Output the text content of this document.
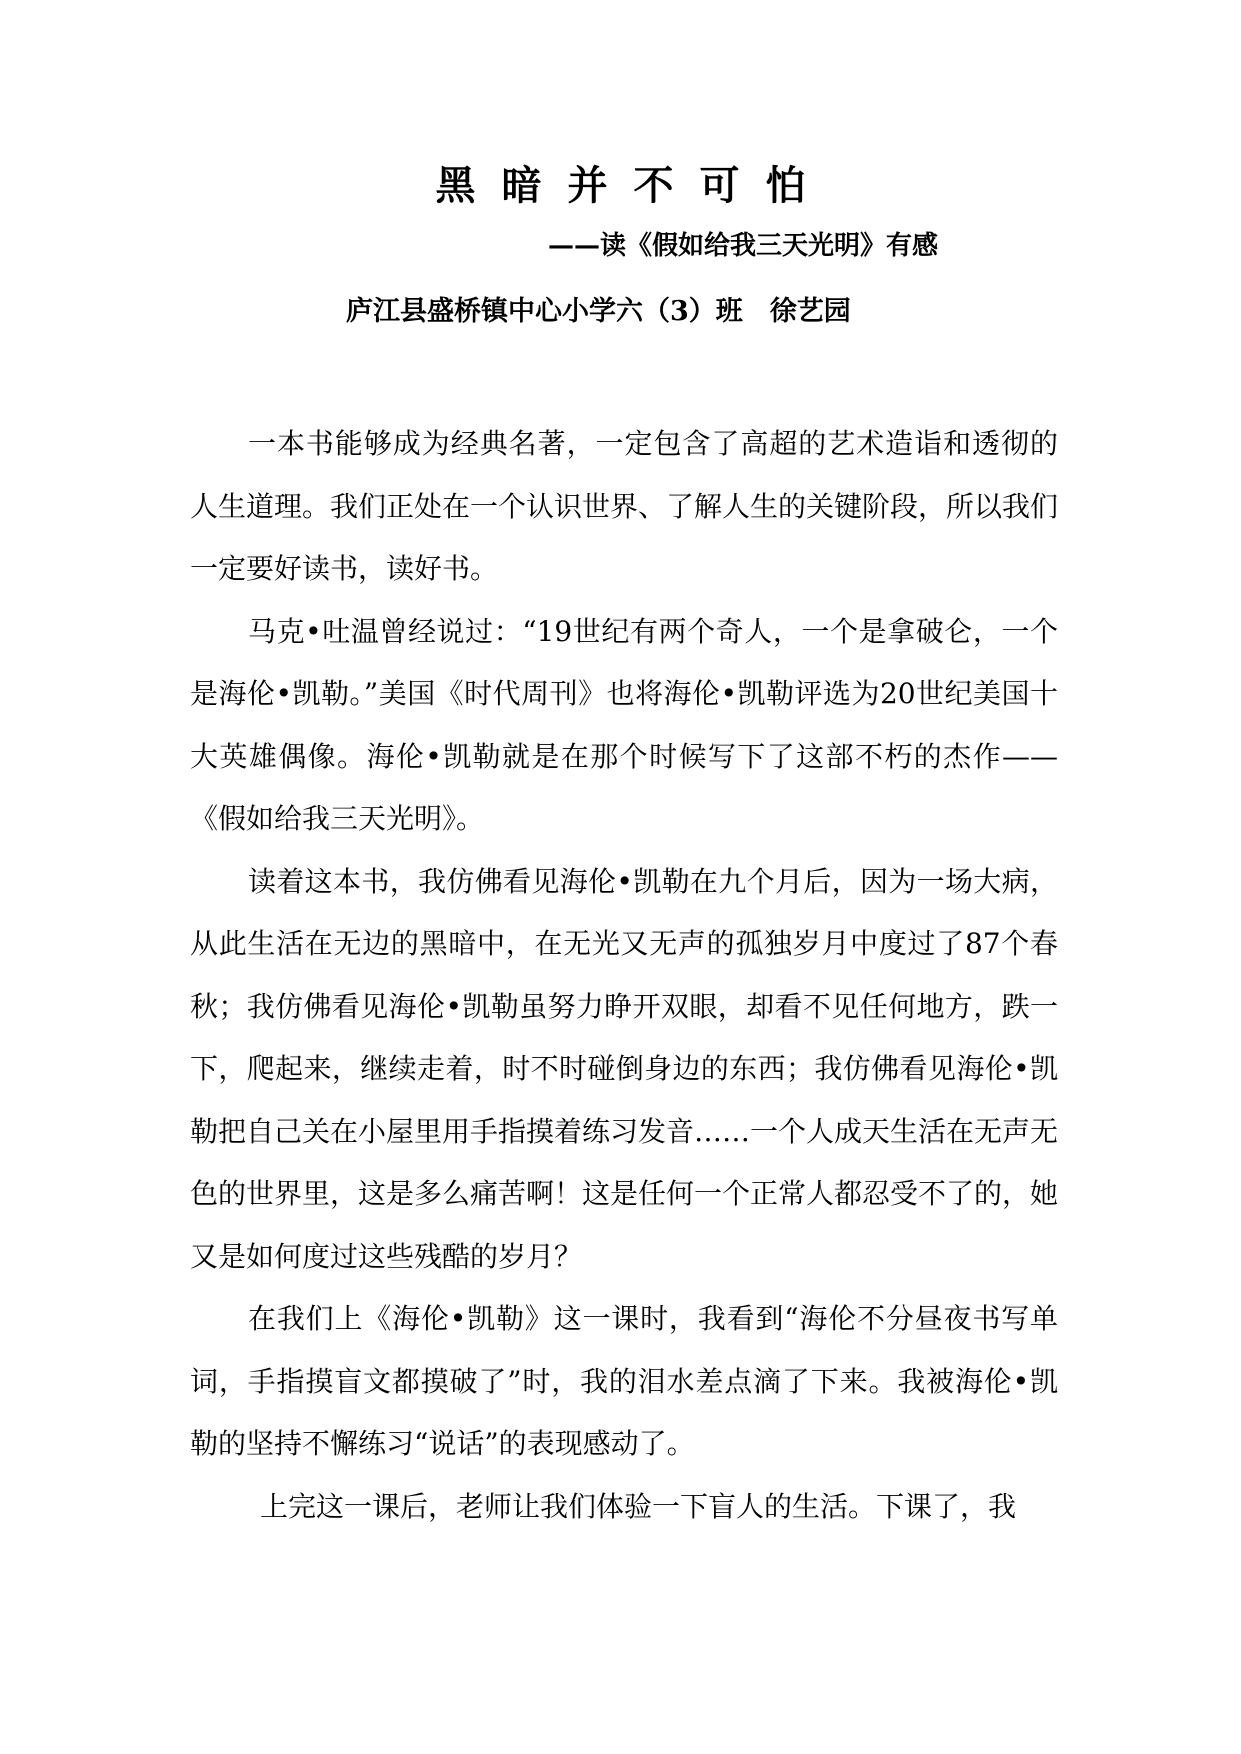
黑暗并不可怕
——读《假如给我三天光明》有感
庐江县盛桥镇中心小学六（3）班　徐艺园

一本书能够成为经典名著，一定包含了高超的艺术造诣和透彻的人生道理。我们正处在一个认识世界、了解人生的关键阶段，所以我们一定要好读书，读好书。

马克•吐温曾经说过：“19世纪有两个奇人，一个是拿破仑，一个是海伦•凯勒。”美国《时代周刊》也将海伦•凯勒评选为20世纪美国十大英雄偶像。海伦•凯勒就是在那个时候写下了这部不朽的杰作——《假如给我三天光明》。

读着这本书，我仿佛看见海伦•凯勒在九个月后，因为一场大病，从此生活在无边的黑暗中，在无光又无声的孤独岁月中度过了87个春秋；我仿佛看见海伦•凯勒虽努力睁开双眼，却看不见任何地方，跌一下，爬起来，继续走着，时不时碰倒身边的东西；我仿佛看见海伦•凯勒把自己关在小屋里用手指摸着练习发音……一个人成天生活在无声无色的世界里，这是多么痛苦啊！这是任何一个正常人都忍受不了的，她又是如何度过这些残酷的岁月？

在我们上《海伦•凯勒》这一课时，我看到“海伦不分昼夜书写单词，手指摸盲文都摸破了”时，我的泪水差点滴了下来。我被海伦•凯勒的坚持不懈练习“说话”的表现感动了。

上完这一课后，老师让我们体验一下盲人的生活。下课了，我
